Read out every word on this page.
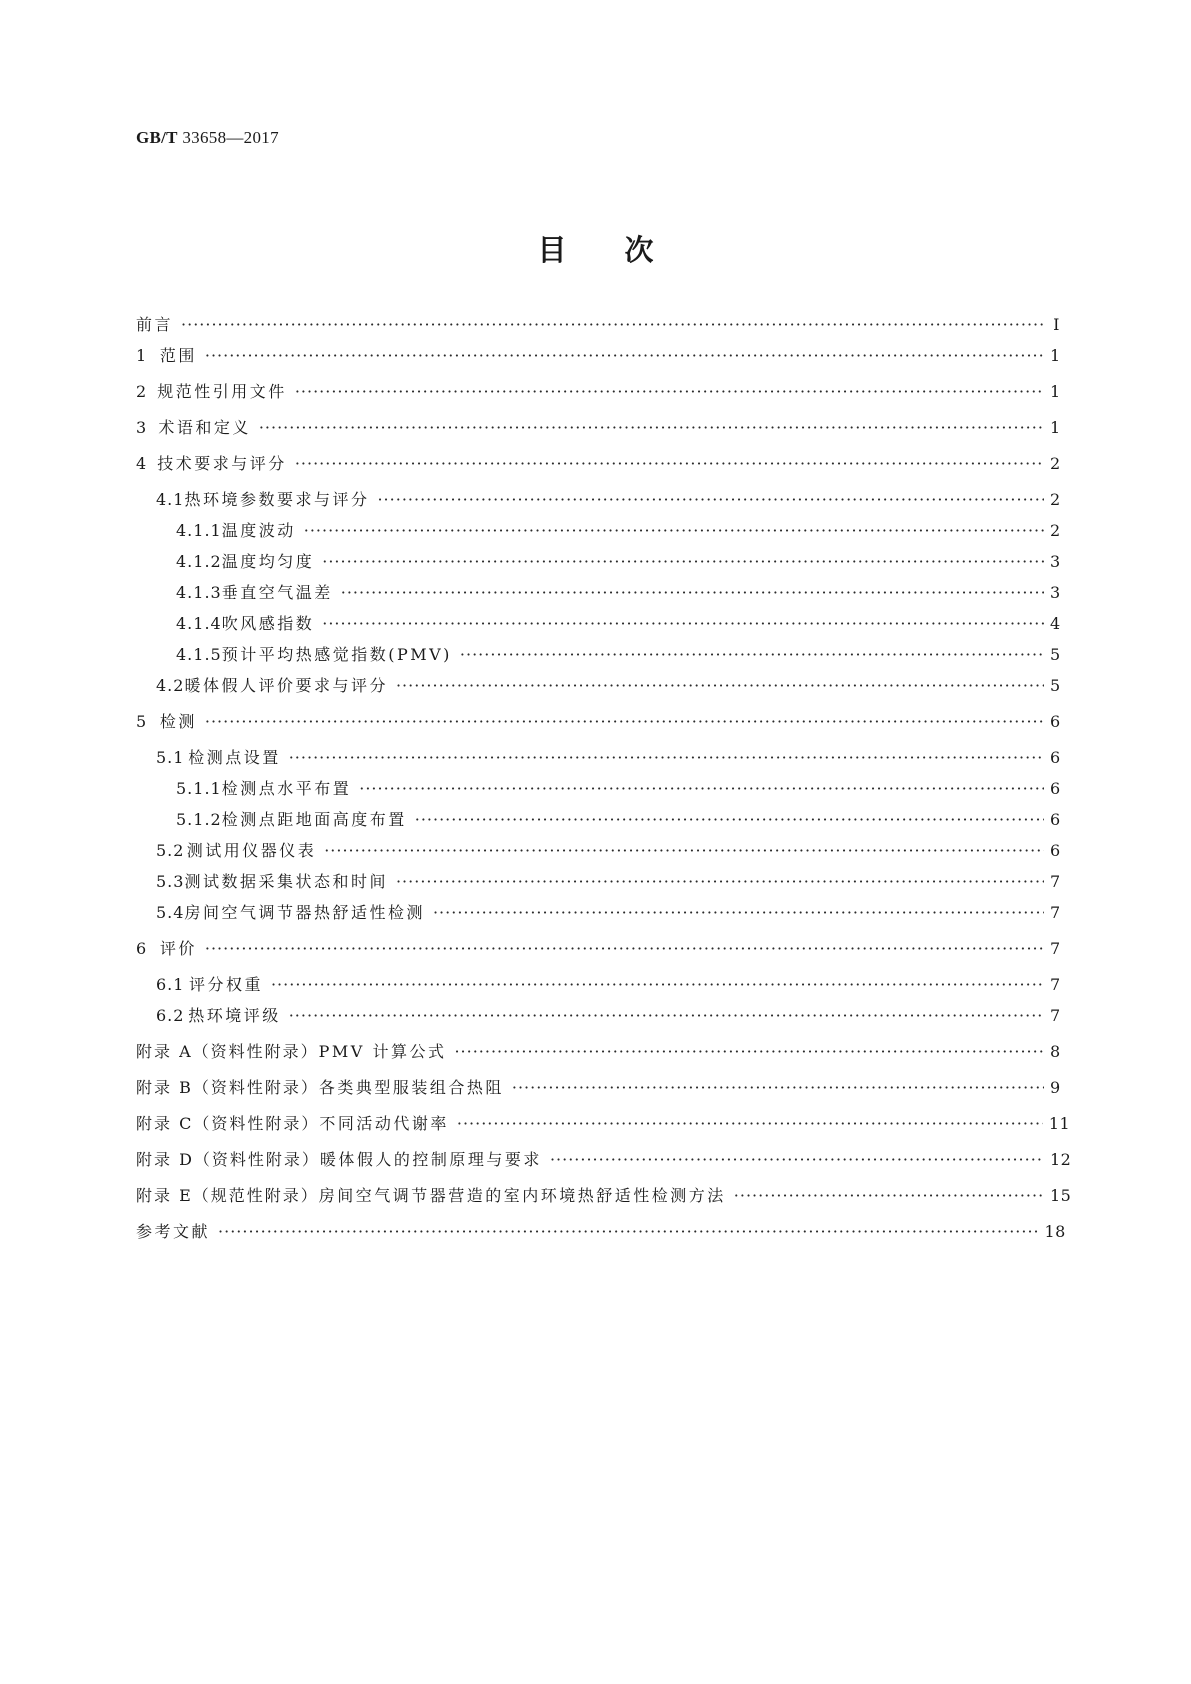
GB/T 33658—2017
目 次
前言 ·····	Ⅰ
1 范围 ·····	1
2 规范性引用文件 ·····	1
3 术语和定义 ·····	1
4 技术要求与评分 ·····	2
4.1 热环境参数要求与评分 ·····	2
4.1.1 温度波动 ·····	2
4.1.2 温度均匀度 ·····	3
4.1.3 垂直空气温差 ·····	3
4.1.4 吹风感指数 ·····	4
4.1.5 预计平均热感觉指数(PMV) ·····	5
4.2 暖体假人评价要求与评分 ·····	5
5 检测 ·····	6
5.1 检测点设置 ·····	6
5.1.1 检测点水平布置 ·····	6
5.1.2 检测点距地面高度布置 ·····	6
5.2 测试用仪器仪表 ·····	6
5.3 测试数据采集状态和时间 ·····	7
5.4 房间空气调节器热舒适性检测 ·····	7
6 评价 ·····	7
6.1 评分权重 ·····	7
6.2 热环境评级 ·····	7
附录 A（资料性附录） PMV 计算公式 ·····	8
附录 B（资料性附录） 各类典型服装组合热阻 ·····	9
附录 C（资料性附录） 不同活动代谢率 ·····	11
附录 D（资料性附录） 暖体假人的控制原理与要求 ·····	12
附录 E（规范性附录） 房间空气调节器营造的室内环境热舒适性检测方法 ·····	15
参考文献 ·····	18
